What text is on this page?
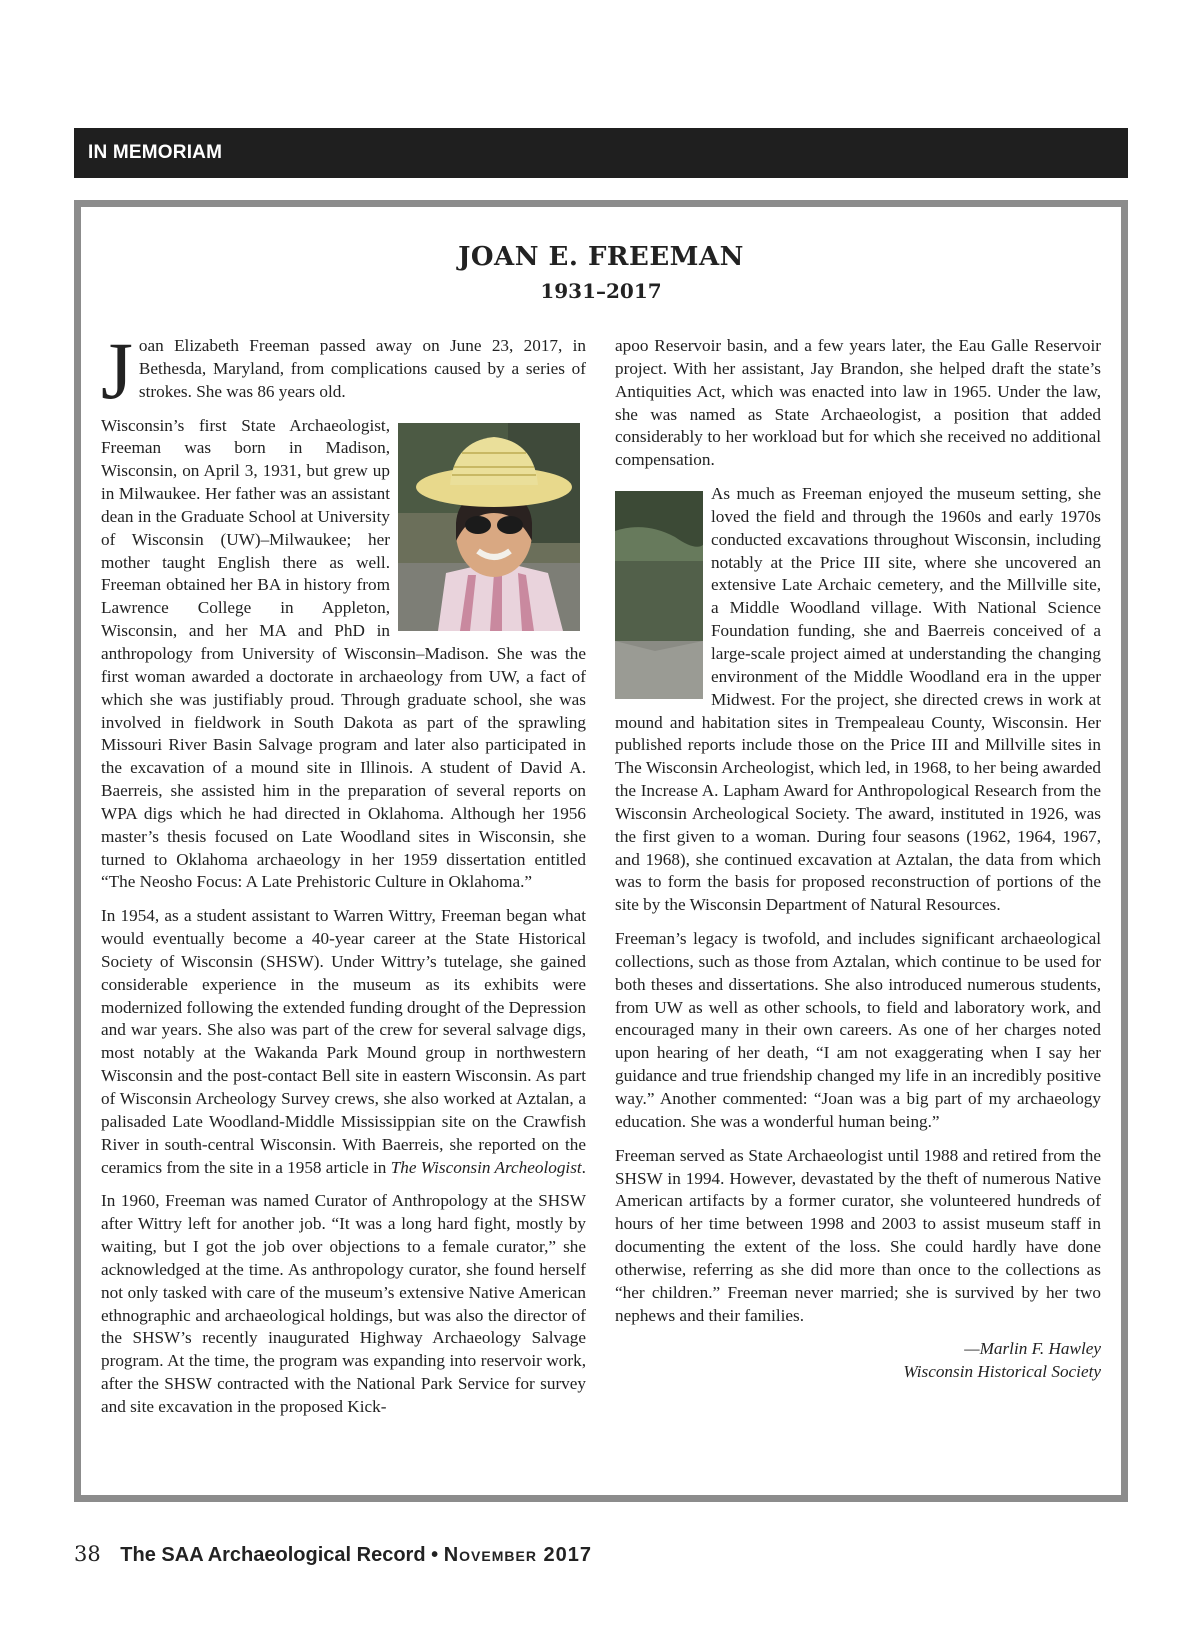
IN MEMORIAM
JOAN E. FREEMAN
1931–2017

Joan Elizabeth Freeman passed away on June 23, 2017, in Bethesda, Maryland, from complications caused by a series of strokes. She was 86 years old.

Wisconsin’s first State Archaeologist, Freeman was born in Madison, Wisconsin, on April 3, 1931, but grew up in Milwaukee. Her father was an assistant dean in the Graduate School at University of Wisconsin (UW)–Milwaukee; her mother taught English there as well. Freeman obtained her BA in history from Lawrence College in Appleton, Wisconsin, and her MA and PhD in anthropology from University of Wisconsin–Madison. She was the first woman awarded a doctorate in archaeology from UW, a fact of which she was justifiably proud. Through graduate school, she was involved in fieldwork in South Dakota as part of the sprawling Missouri River Basin Salvage program and later also participated in the excavation of a mound site in Illinois. A student of David A. Baerreis, she assisted him in the preparation of several reports on WPA digs which he had directed in Oklahoma. Although her 1956 master’s thesis focused on Late Woodland sites in Wisconsin, she turned to Oklahoma archaeology in her 1959 dissertation entitled “The Neosho Focus: A Late Prehistoric Culture in Oklahoma.”

In 1954, as a student assistant to Warren Wittry, Freeman began what would eventually become a 40-year career at the State Historical Society of Wisconsin (SHSW). Under Wittry’s tutelage, she gained considerable experience in the museum as its exhibits were modernized following the extended funding drought of the Depression and war years. She also was part of the crew for several salvage digs, most notably at the Wakanda Park Mound group in northwestern Wisconsin and the post-contact Bell site in eastern Wisconsin. As part of Wisconsin Archeology Survey crews, she also worked at Aztalan, a palisaded Late Woodland-Middle Mississippian site on the Crawfish River in south-central Wisconsin. With Baerreis, she reported on the ceramics from the site in a 1958 article in The Wisconsin Archeologist.

In 1960, Freeman was named Curator of Anthropology at the SHSW after Wittry left for another job. “It was a long hard fight, mostly by waiting, but I got the job over objections to a female curator,” she acknowledged at the time. As anthropology curator, she found herself not only tasked with care of the museum’s extensive Native American ethnographic and archaeological holdings, but was also the director of the SHSW’s recently inaugurated Highway Archaeology Salvage program. At the time, the program was expanding into reservoir work, after the SHSW contracted with the National Park Service for survey and site excavation in the proposed Kick-

apoo Reservoir basin, and a few years later, the Eau Galle Reservoir project. With her assistant, Jay Brandon, she helped draft the state’s Antiquities Act, which was enacted into law in 1965. Under the law, she was named as State Archaeologist, a position that added considerably to her workload but for which she received no additional compensation.

As much as Freeman enjoyed the museum setting, she loved the field and through the 1960s and early 1970s conducted excavations throughout Wisconsin, including notably at the Price III site, where she uncovered an extensive Late Archaic cemetery, and the Millville site, a Middle Woodland village. With National Science Foundation funding, she and Baerreis conceived of a large-scale project aimed at understanding the changing environment of the Middle Woodland era in the upper Midwest. For the project, she directed crews in work at mound and habitation sites in Trempealeau County, Wisconsin. Her published reports include those on the Price III and Millville sites in The Wisconsin Archeologist, which led, in 1968, to her being awarded the Increase A. Lapham Award for Anthropological Research from the Wisconsin Archeological Society. The award, instituted in 1926, was the first given to a woman. During four seasons (1962, 1964, 1967, and 1968), she continued excavation at Aztalan, the data from which was to form the basis for proposed reconstruction of portions of the site by the Wisconsin Department of Natural Resources.

Freeman’s legacy is twofold, and includes significant archaeological collections, such as those from Aztalan, which continue to be used for both theses and dissertations. She also introduced numerous students, from UW as well as other schools, to field and laboratory work, and encouraged many in their own careers. As one of her charges noted upon hearing of her death, “I am not exaggerating when I say her guidance and true friendship changed my life in an incredibly positive way.” Another commented: “Joan was a big part of my archaeology education. She was a wonderful human being.”

Freeman served as State Archaeologist until 1988 and retired from the SHSW in 1994. However, devastated by the theft of numerous Native American artifacts by a former curator, she volunteered hundreds of hours of her time between 1998 and 2003 to assist museum staff in documenting the extent of the loss. She could hardly have done otherwise, referring as she did more than once to the collections as “her children.” Freeman never married; she is survived by her two nephews and their families.

—Marlin F. Hawley
Wisconsin Historical Society
38 The SAA Archaeological Record • November 2017
